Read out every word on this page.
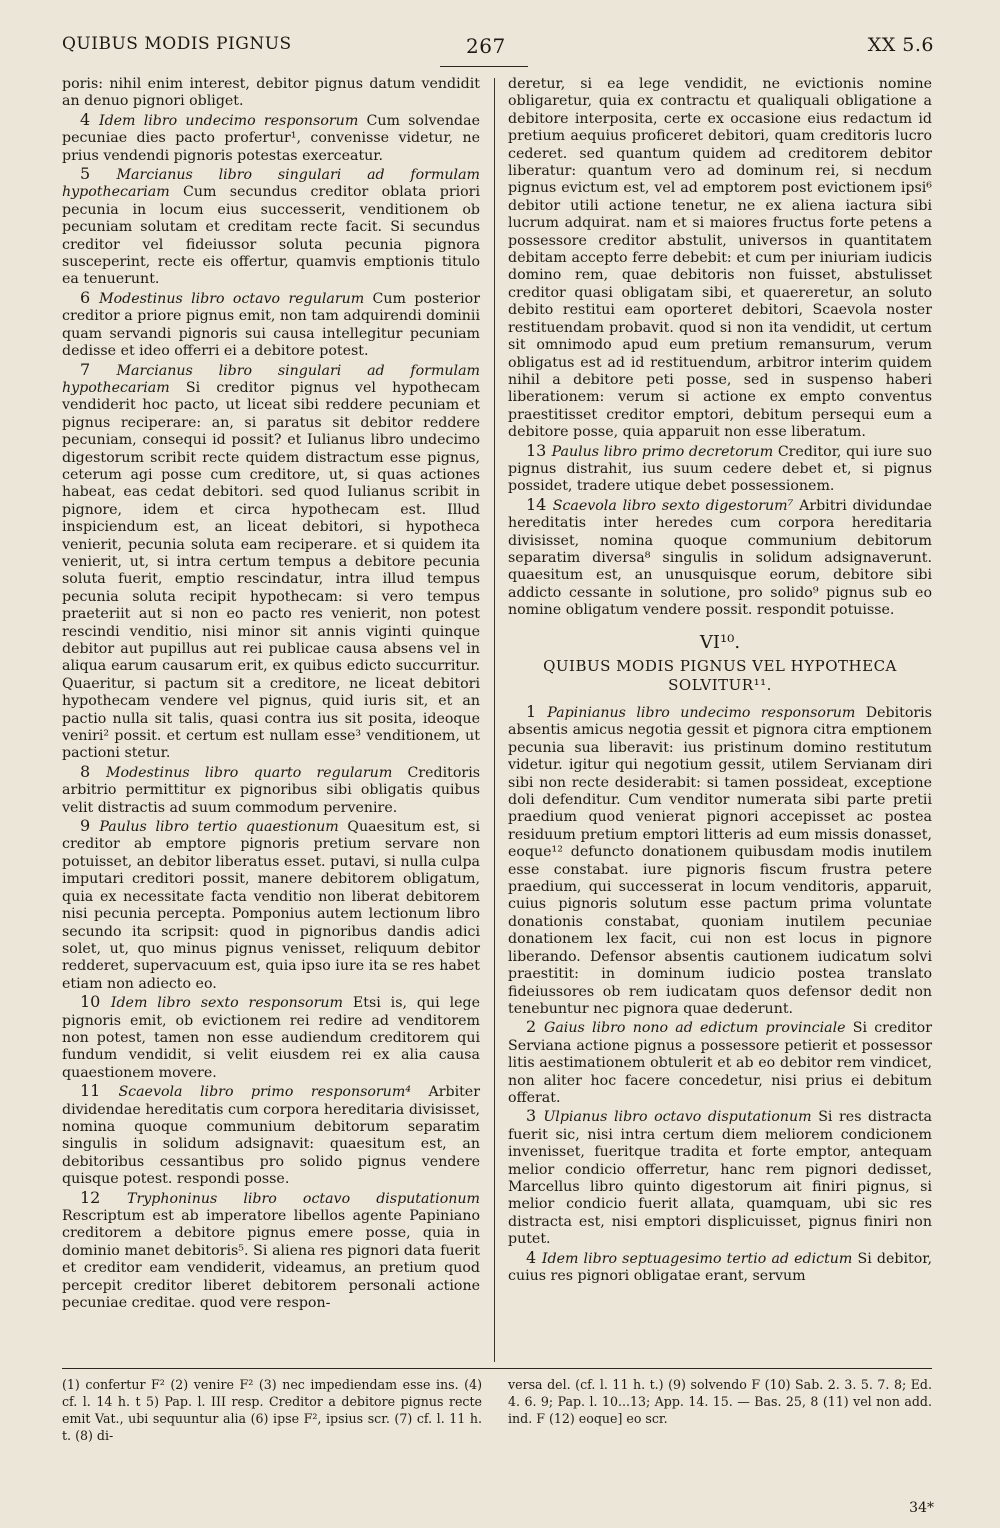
QUIBUS MODIS PIGNUS	267	XX 5.6

poris: nihil enim interest, debitor pignus datum vendidit an denuo pignori obliget.

4 Idem libro undecimo responsorum Cum solvendae pecuniae dies pacto profertur¹, convenisse videtur, ne prius vendendi pignoris potestas exerceatur.

5 Marcianus libro singulari ad formulam hypothecariam Cum secundus creditor oblata priori pecunia in locum eius successerit, venditionem ob pecuniam solutam et creditam recte facit. Si secundus creditor vel fideiussor soluta pecunia pignora susceperint, recte eis offertur, quamvis emptionis titulo ea tenuerunt.

6 Modestinus libro octavo regularum Cum posterior creditor a priore pignus emit, non tam adquirendi dominii quam servandi pignoris sui causa intellegitur pecuniam dedisse et ideo offerri ei a debitore potest.

7 Marcianus libro singulari ad formulam hypothecariam Si creditor pignus vel hypothecam vendiderit hoc pacto, ut liceat sibi reddere pecuniam et pignus reciperare: an, si paratus sit debitor reddere pecuniam, consequi id possit? et Iulianus libro undecimo digestorum scribit recte quidem distractum esse pignus, ceterum agi posse cum creditore, ut, si quas actiones habeat, eas cedat debitori. sed quod Iulianus scribit in pignore, idem et circa hypothecam est. Illud inspiciendum est, an liceat debitori, si hypotheca venierit, pecunia soluta eam reciperare. et si quidem ita venierit, ut, si intra certum tempus a debitore pecunia soluta fuerit, emptio rescindatur, intra illud tempus pecunia soluta recipit hypothecam: si vero tempus praeteriit aut si non eo pacto res venierit, non potest rescindi venditio, nisi minor sit annis viginti quinque debitor aut pupillus aut rei publicae causa absens vel in aliqua earum causarum erit, ex quibus edicto succurritur. Quaeritur, si pactum sit a creditore, ne liceat debitori hypothecam vendere vel pignus, quid iuris sit, et an pactio nulla sit talis, quasi contra ius sit posita, ideoque veniri² possit. et certum est nullam esse³ venditionem, ut pactioni stetur.

8 Modestinus libro quarto regularum Creditoris arbitrio permittitur ex pignoribus sibi obligatis quibus velit distractis ad suum commodum pervenire.

9 Paulus libro tertio quaestionum Quaesitum est, si creditor ab emptore pignoris pretium servare non potuisset, an debitor liberatus esset. putavi, si nulla culpa imputari creditori possit, manere debitorem obligatum, quia ex necessitate facta venditio non liberat debitorem nisi pecunia percepta. Pomponius autem lectionum libro secundo ita scripsit: quod in pignoribus dandis adici solet, ut, quo minus pignus venisset, reliquum debitor redderet, supervacuum est, quia ipso iure ita se res habet etiam non adiecto eo.

10 Idem libro sexto responsorum Etsi is, qui lege pignoris emit, ob evictionem rei redire ad venditorem non potest, tamen non esse audiendum creditorem qui fundum vendidit, si velit eiusdem rei ex alia causa quaestionem movere.

11 Scaevola libro primo responsorum⁴ Arbiter dividendae hereditatis cum corpora hereditaria divisisset, nomina quoque communium debitorum separatim singulis in solidum adsignavit: quaesitum est, an debitoribus cessantibus pro solido pignus vendere quisque potest. respondi posse.

12 Tryphoninus libro octavo disputationum Rescriptum est ab imperatore libellos agente Papiniano creditorem a debitore pignus emere posse, quia in dominio manet debitoris⁵. Si aliena res pignori data fuerit et creditor eam vendiderit, videamus, an pretium quod percepit creditor liberet debitorem personali actione pecuniae creditae. quod vere respon-

deretur, si ea lege vendidit, ne evictionis nomine obligaretur, quia ex contractu et qualiquali obligatione a debitore interposita, certe ex occasione eius redactum id pretium aequius proficeret debitori, quam creditoris lucro cederet. sed quantum quidem ad creditorem debitor liberatur: quantum vero ad dominum rei, si necdum pignus evictum est, vel ad emptorem post evictionem ipsi⁶ debitor utili actione tenetur, ne ex aliena iactura sibi lucrum adquirat. nam et si maiores fructus forte petens a possessore creditor abstulit, universos in quantitatem debitam accepto ferre debebit: et cum per iniuriam iudicis domino rem, quae debitoris non fuisset, abstulisset creditor quasi obligatam sibi, et quaereretur, an soluto debito restitui eam oporteret debitori, Scaevola noster restituendam probavit. quod si non ita vendidit, ut certum sit omnimodo apud eum pretium remansurum, verum obligatus est ad id restituendum, arbitror interim quidem nihil a debitore peti posse, sed in suspenso haberi liberationem: verum si actione ex empto conventus praestitisset creditor emptori, debitum persequi eum a debitore posse, quia apparuit non esse liberatum.

13 Paulus libro primo decretorum Creditor, qui iure suo pignus distrahit, ius suum cedere debet et, si pignus possidet, tradere utique debet possessionem.

14 Scaevola libro sexto digestorum⁷ Arbitri dividundae hereditatis inter heredes cum corpora hereditaria divisisset, nomina quoque communium debitorum separatim diversa⁸ singulis in solidum adsignaverunt. quaesitum est, an unusquisque eorum, debitore sibi addicto cessante in solutione, pro solido⁹ pignus sub eo nomine obligatum vendere possit. respondit potuisse.

VI¹⁰.
QUIBUS MODIS PIGNUS VEL HYPOTHECA SOLVITUR¹¹.

1 Papinianus libro undecimo responsorum Debitoris absentis amicus negotia gessit et pignora citra emptionem pecunia sua liberavit: ius pristinum domino restitutum videtur. igitur qui negotium gessit, utilem Servianam diri sibi non recte desiderabit: si tamen possideat, exceptione doli defenditur. Cum venditor numerata sibi parte pretii praedium quod venierat pignori accepisset ac postea residuum pretium emptori litteris ad eum missis donasset, eoque¹² defuncto donationem quibusdam modis inutilem esse constabat. iure pignoris fiscum frustra petere praedium, qui successerat in locum venditoris, apparuit, cuius pignoris solutum esse pactum prima voluntate donationis constabat, quoniam inutilem pecuniae donationem lex facit, cui non est locus in pignore liberando. Defensor absentis cautionem iudicatum solvi praestitit: in dominum iudicio postea translato fideiussores ob rem iudicatam quos defensor dedit non tenebuntur nec pignora quae dederunt.

2 Gaius libro nono ad edictum provinciale Si creditor Serviana actione pignus a possessore petierit et possessor litis aestimationem obtulerit et ab eo debitor rem vindicet, non aliter hoc facere concedetur, nisi prius ei debitum offerat.

3 Ulpianus libro octavo disputationum Si res distracta fuerit sic, nisi intra certum diem meliorem condicionem invenisset, fueritque tradita et forte emptor, antequam melior condicio offerretur, hanc rem pignori dedisset, Marcellus libro quinto digestorum ait finiri pignus, si melior condicio fuerit allata, quamquam, ubi sic res distracta est, nisi emptori displicuisset, pignus finiri non putet.

4 Idem libro septuagesimo tertio ad edictum Si debitor, cuius res pignori obligatae erant, servum

34*
(1) confertur F² (2) venire F² (3) nec impediendam esse ins. (4) cf. l. 14 h. t 5) Pap. l. III resp. Creditor a debitore pignus recte emit Vat., ubi sequuntur alia (6) ipse F², ipsius scr. (7) cf. l. 11 h. t. (8) di-
versa del. (cf. l. 11 h. t.) (9) solvendo F (10) Sab. 2. 3. 5. 7. 8; Ed. 4. 6. 9; Pap. l. 10...13; App. 14. 15. — Bas. 25, 8 (11) vel non add. ind. F (12) eoque] eo scr.
